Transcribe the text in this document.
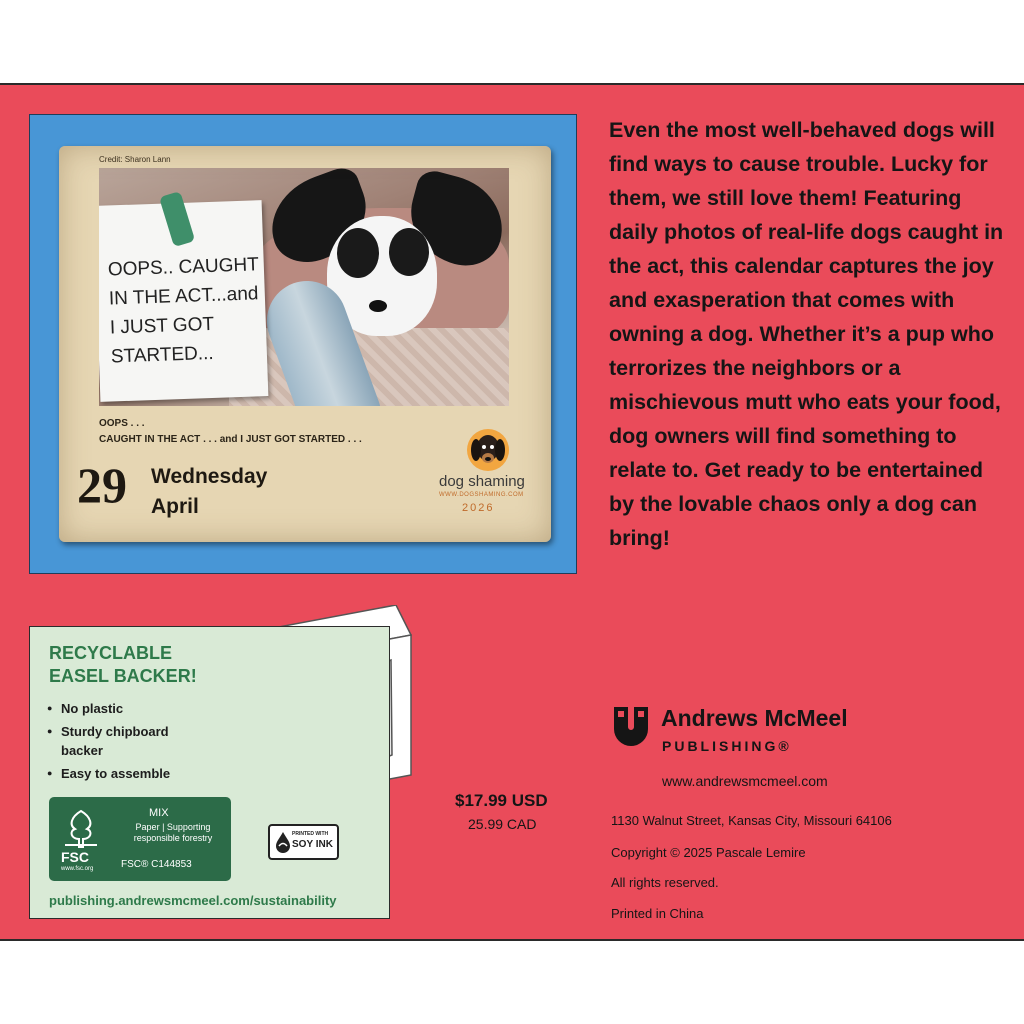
Credit: Sharon Lann
OOPS.. CAUGHT IN THE ACT...and I JUST GOT STARTED...
OOPS . . .
CAUGHT IN THE ACT . . . and I JUST GOT STARTED . . .
29 Wednesday
April
dog shaming
WWW.DOGSHAMING.COM
2026
Even the most well-behaved dogs will find ways to cause trouble. Lucky for them, we still love them! Featuring daily photos of real-life dogs caught in the act, this calendar captures the joy and exasperation that comes with owning a dog. Whether it’s a pup who terrorizes the neighbors or a mischievous mutt who eats your food, dog owners will find something to relate to. Get ready to be entertained by the lovable chaos only a dog can bring!
RECYCLABLE
EASEL BACKER!
● No plastic
● Sturdy chipboard backer
● Easy to assemble
FSC
www.fsc.org
MIX
Paper | Supporting responsible forestry
FSC® C144853
PRINTED WITH
SOY INK
publishing.andrewsmcmeel.com/sustainability
$17.99 USD
25.99 CAD
Andrews McMeel
PUBLISHING®
www.andrewsmcmeel.com
1130 Walnut Street, Kansas City, Missouri 64106
Copyright © 2025 Pascale Lemire
All rights reserved.
Printed in China
